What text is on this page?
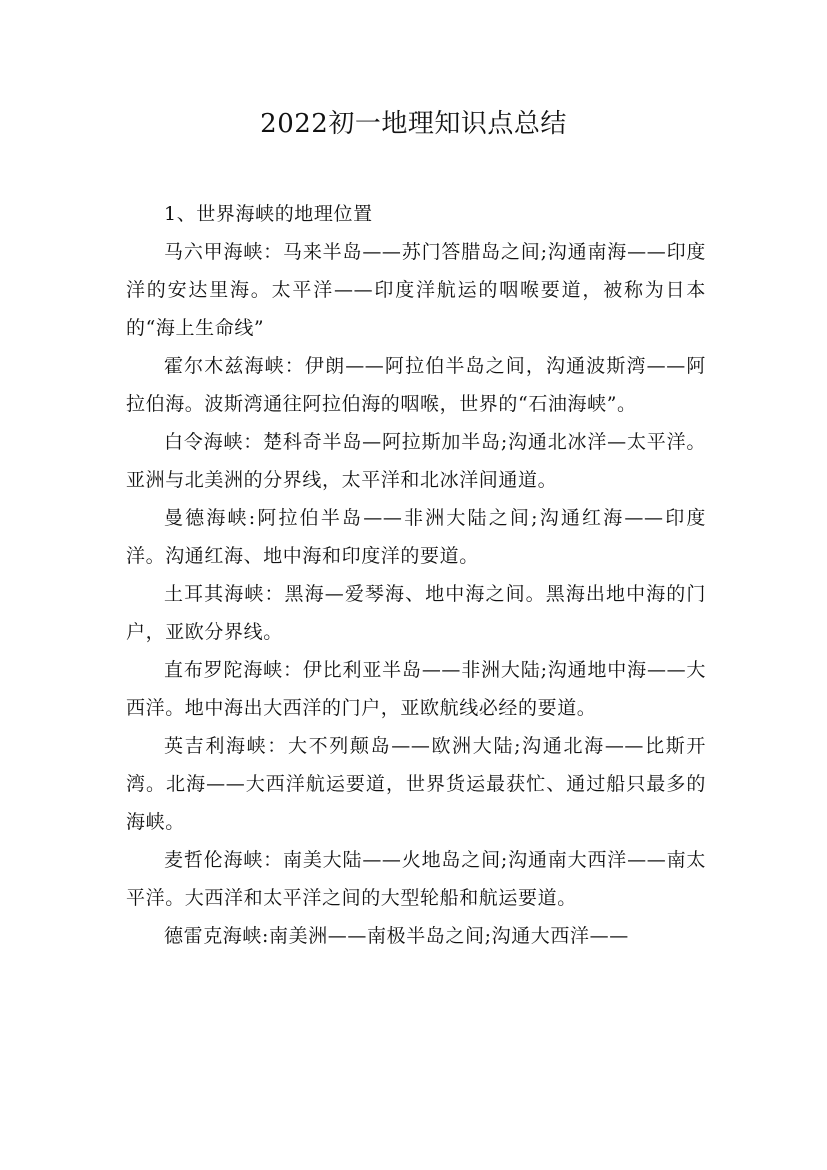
2022初一地理知识点总结

1、世界海峡的地理位置

马六甲海峡：马来半岛——苏门答腊岛之间;沟通南海——印度洋的安达里海。太平洋——印度洋航运的咽喉要道，被称为日本的“海上生命线”

霍尔木兹海峡：伊朗——阿拉伯半岛之间，沟通波斯湾——阿拉伯海。波斯湾通往阿拉伯海的咽喉，世界的“石油海峡”。

白令海峡：楚科奇半岛—阿拉斯加半岛;沟通北冰洋—太平洋。亚洲与北美洲的分界线，太平洋和北冰洋间通道。

曼德海峡:阿拉伯半岛——非洲大陆之间;沟通红海——印度洋。沟通红海、地中海和印度洋的要道。

土耳其海峡：黑海—爱琴海、地中海之间。黑海出地中海的门户，亚欧分界线。

直布罗陀海峡：伊比利亚半岛——非洲大陆;沟通地中海——大西洋。地中海出大西洋的门户，亚欧航线必经的要道。

英吉利海峡：大不列颠岛——欧洲大陆;沟通北海——比斯开湾。北海——大西洋航运要道，世界货运最获忙、通过船只最多的海峡。

麦哲伦海峡：南美大陆——火地岛之间;沟通南大西洋——南太平洋。大西洋和太平洋之间的大型轮船和航运要道。

德雷克海峡:南美洲——南极半岛之间;沟通大西洋——
